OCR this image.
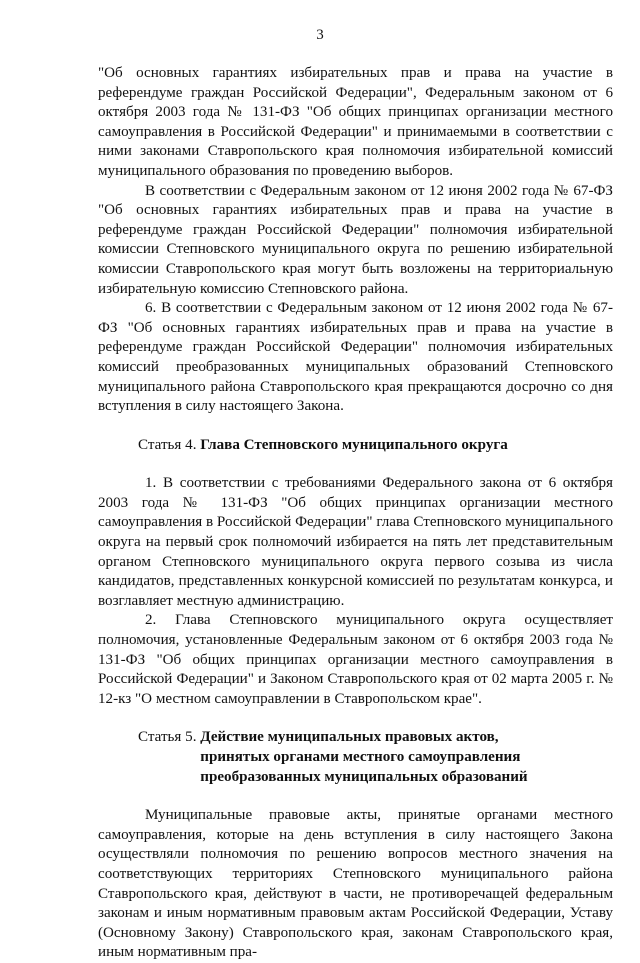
3

"Об основных гарантиях избирательных прав и права на участие в референдуме граждан Российской Федерации", Федеральным законом от 6 октября 2003 года № 131-ФЗ "Об общих принципах организации местного самоуправления в Российской Федерации" и принимаемыми в соответствии с ними законами Ставропольского края полномочия избирательной комиссий муниципального образования по проведению выборов.

В соответствии с Федеральным законом от 12 июня 2002 года № 67-ФЗ "Об основных гарантиях избирательных прав и права на участие в референдуме граждан Российской Федерации" полномочия избирательной комиссии Степновского муниципального округа по решению избирательной комиссии Ставропольского края могут быть возложены на территориальную избирательную комиссию Степновского района.

6. В соответствии с Федеральным законом от 12 июня 2002 года № 67-ФЗ "Об основных гарантиях избирательных прав и права на участие в референдуме граждан Российской Федерации" полномочия избирательных комиссий преобразованных муниципальных образований Степновского муниципального района Ставропольского края прекращаются досрочно со дня вступления в силу настоящего Закона.

Статья 4. Глава Степновского муниципального округа

1. В соответствии с требованиями Федерального закона от 6 октября 2003 года № 131-ФЗ "Об общих принципах организации местного самоуправления в Российской Федерации" глава Степновского муниципального округа на первый срок полномочий избирается на пять лет представительным органом Степновского муниципального округа первого созыва из числа кандидатов, представленных конкурсной комиссией по результатам конкурса, и возглавляет местную администрацию.

2. Глава Степновского муниципального округа осуществляет полномочия, установленные Федеральным законом от 6 октября 2003 года № 131-ФЗ "Об общих принципах организации местного самоуправления в Российской Федерации" и Законом Ставропольского края от 02 марта 2005 г. № 12-кз "О местном самоуправлении в Ставропольском крае".

Статья 5. Действие муниципальных правовых актов,
принятых органами местного самоуправления
преобразованных муниципальных образований

Муниципальные правовые акты, принятые органами местного самоуправления, которые на день вступления в силу настоящего Закона осуществляли полномочия по решению вопросов местного значения на соответствующих территориях Степновского муниципального района Ставропольского края, действуют в части, не противоречащей федеральным законам и иным нормативным правовым актам Российской Федерации, Уставу (Основному Закону) Ставропольского края, законам Ставропольского края, иным нормативным пра-
